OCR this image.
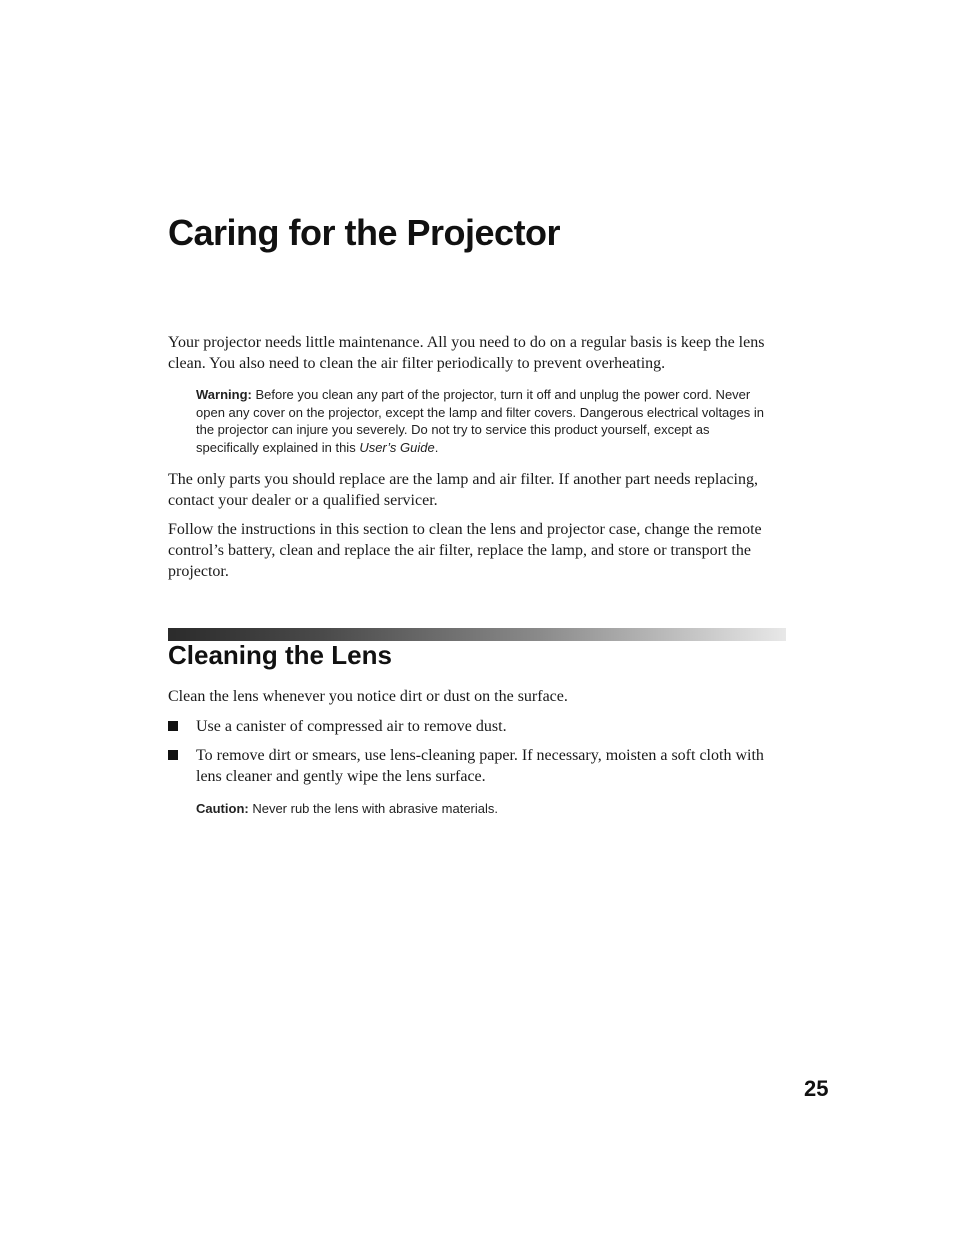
Caring for the Projector

Your projector needs little maintenance. All you need to do on a regular basis is keep the lens clean. You also need to clean the air filter periodically to prevent overheating.

Warning: Before you clean any part of the projector, turn it off and unplug the power cord. Never open any cover on the projector, except the lamp and filter covers. Dangerous electrical voltages in the projector can injure you severely. Do not try to service this product yourself, except as specifically explained in this User’s Guide.

The only parts you should replace are the lamp and air filter. If another part needs replacing, contact your dealer or a qualified servicer.

Follow the instructions in this section to clean the lens and projector case, change the remote control’s battery, clean and replace the air filter, replace the lamp, and store or transport the projector.

Cleaning the Lens

Clean the lens whenever you notice dirt or dust on the surface.

Use a canister of compressed air to remove dust.

To remove dirt or smears, use lens-cleaning paper. If necessary, moisten a soft cloth with lens cleaner and gently wipe the lens surface.

Caution: Never rub the lens with abrasive materials.

25
